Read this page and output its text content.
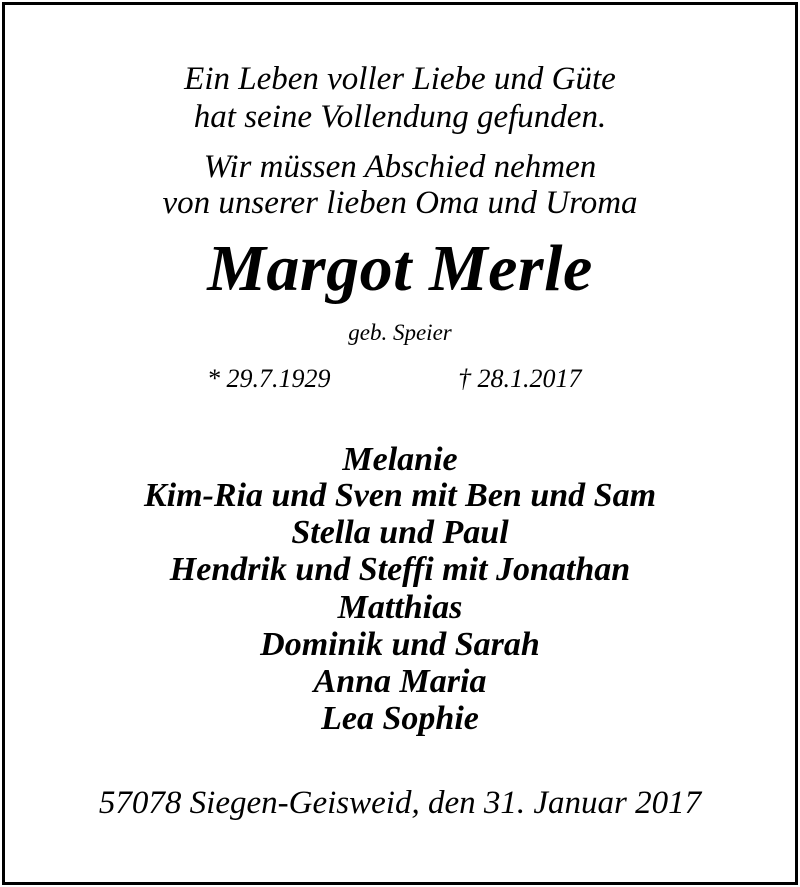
Ein Leben voller Liebe und Güte
hat seine Vollendung gefunden.
Wir müssen Abschied nehmen
von unserer lieben Oma und Uroma
Margot Merle
geb. Speier
* 29.7.1929	† 28.1.2017
Melanie
Kim-Ria und Sven mit Ben und Sam
Stella und Paul
Hendrik und Steffi mit Jonathan
Matthias
Dominik und Sarah
Anna Maria
Lea Sophie
57078 Siegen-Geisweid, den 31. Januar 2017
